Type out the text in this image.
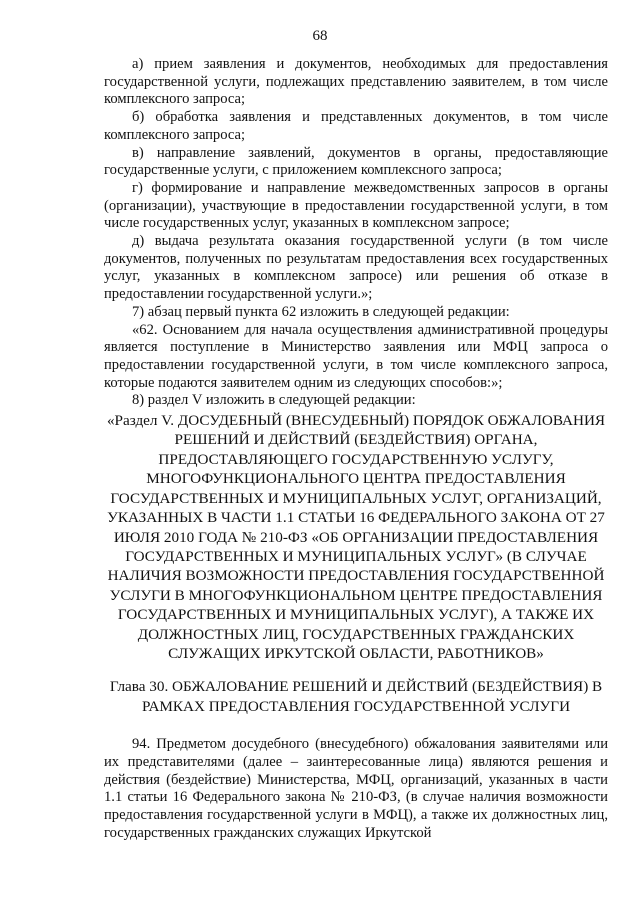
68

а) прием заявления и документов, необходимых для предоставления государственной услуги, подлежащих представлению заявителем, в том числе комплексного запроса;

б) обработка заявления и представленных документов, в том числе комплексного запроса;

в) направление заявлений, документов в органы, предоставляющие государственные услуги, с приложением комплексного запроса;

г) формирование и направление межведомственных запросов в органы (организации), участвующие в предоставлении государственной услуги, в том числе государственных услуг, указанных в комплексном запросе;

д) выдача результата оказания государственной услуги (в том числе документов, полученных по результатам предоставления всех государственных услуг, указанных в комплексном запросе) или решения об отказе в предоставлении государственной услуги.»;

7) абзац первый пункта 62 изложить в следующей редакции:

«62. Основанием для начала осуществления административной процедуры является поступление в Министерство заявления или МФЦ запроса о предоставлении государственной услуги, в том числе комплексного запроса, которые подаются заявителем одним из следующих способов:»;

8) раздел V изложить в следующей редакции:

«Раздел V. ДОСУДЕБНЫЙ (ВНЕСУДЕБНЫЙ) ПОРЯДОК ОБЖАЛОВАНИЯ РЕШЕНИЙ И ДЕЙСТВИЙ (БЕЗДЕЙСТВИЯ) ОРГАНА, ПРЕДОСТАВЛЯЮЩЕГО ГОСУДАРСТВЕННУЮ УСЛУГУ, МНОГОФУНКЦИОНАЛЬНОГО ЦЕНТРА ПРЕДОСТАВЛЕНИЯ ГОСУДАРСТВЕННЫХ И МУНИЦИПАЛЬНЫХ УСЛУГ, ОРГАНИЗАЦИЙ, УКАЗАННЫХ В ЧАСТИ 1.1 СТАТЬИ 16 ФЕДЕРАЛЬНОГО ЗАКОНА ОТ 27 ИЮЛЯ 2010 ГОДА № 210-ФЗ «ОБ ОРГАНИЗАЦИИ ПРЕДОСТАВЛЕНИЯ ГОСУДАРСТВЕННЫХ И МУНИЦИПАЛЬНЫХ УСЛУГ» (В СЛУЧАЕ НАЛИЧИЯ ВОЗМОЖНОСТИ ПРЕДОСТАВЛЕНИЯ ГОСУДАРСТВЕННОЙ УСЛУГИ В МНОГОФУНКЦИОНАЛЬНОМ ЦЕНТРЕ ПРЕДОСТАВЛЕНИЯ ГОСУДАРСТВЕННЫХ И МУНИЦИПАЛЬНЫХ УСЛУГ), А ТАКЖЕ ИХ ДОЛЖНОСТНЫХ ЛИЦ, ГОСУДАРСТВЕННЫХ ГРАЖДАНСКИХ СЛУЖАЩИХ ИРКУТСКОЙ ОБЛАСТИ, РАБОТНИКОВ»

Глава 30. ОБЖАЛОВАНИЕ РЕШЕНИЙ И ДЕЙСТВИЙ (БЕЗДЕЙСТВИЯ) В РАМКАХ ПРЕДОСТАВЛЕНИЯ ГОСУДАРСТВЕННОЙ УСЛУГИ

94. Предметом досудебного (внесудебного) обжалования заявителями или их представителями (далее – заинтересованные лица) являются решения и действия (бездействие) Министерства, МФЦ, организаций, указанных в части 1.1 статьи 16 Федерального закона № 210-ФЗ, (в случае наличия возможности предоставления государственной услуги в МФЦ), а также их должностных лиц, государственных гражданских служащих Иркутской
